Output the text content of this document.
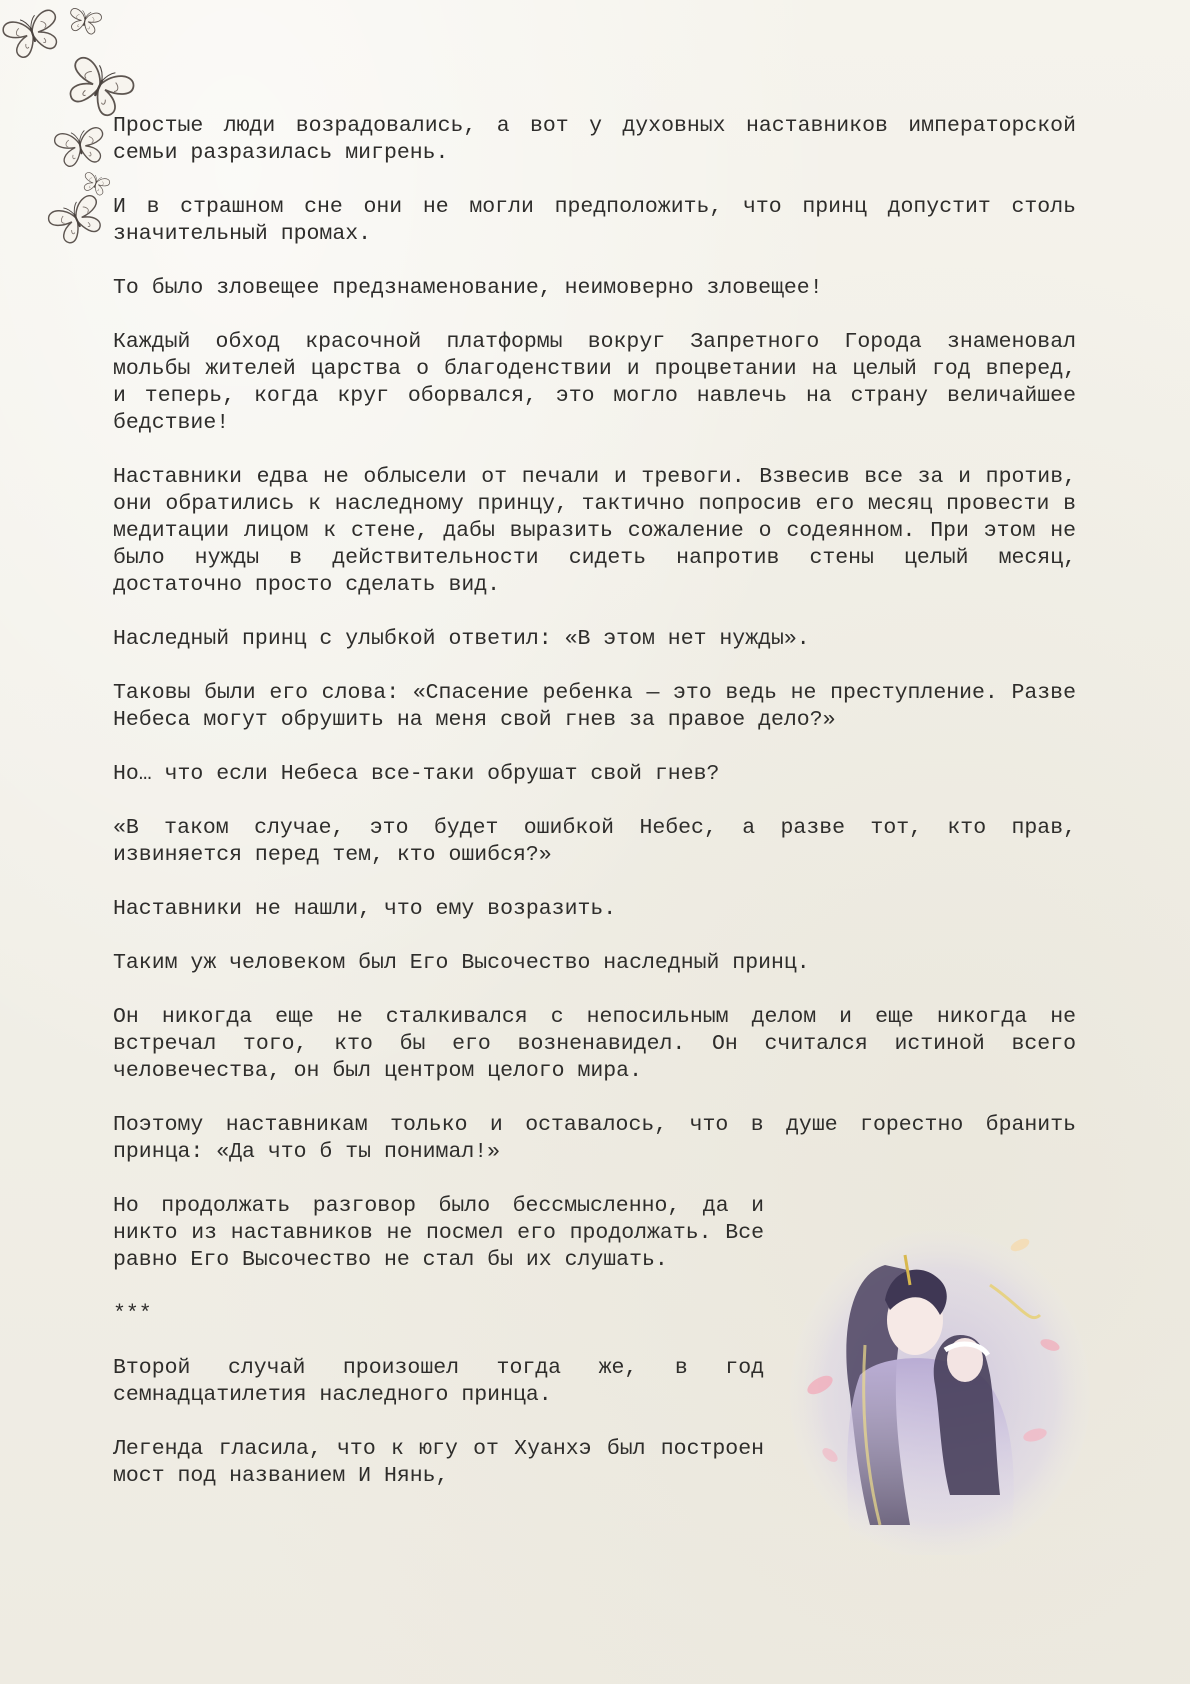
Простые люди возрадовались, а вот у духовных наставников императорской семьи разразилась мигрень.

И в страшном сне они не могли предположить, что принц допустит столь значительный промах.

То было зловещее предзнаменование, неимоверно зловещее!

Каждый обход красочной платформы вокруг Запретного Города знаменовал мольбы жителей царства о благоденствии и процветании на целый год вперед, и теперь, когда круг оборвался, это могло навлечь на страну величайшее бедствие!

Наставники едва не облысели от печали и тревоги. Взвесив все за и против, они обратились к наследному принцу, тактично попросив его месяц провести в медитации лицом к стене, дабы выразить сожаление о содеянном. При этом не было нужды в действительности сидеть напротив стены целый месяц, достаточно просто сделать вид.

Наследный принц с улыбкой ответил: «В этом нет нужды».

Таковы были его слова: «Спасение ребенка — это ведь не преступление. Разве Небеса могут обрушить на меня свой гнев за правое дело?»

Но… что если Небеса все-таки обрушат свой гнев?

«В таком случае, это будет ошибкой Небес, а разве тот, кто прав, извиняется перед тем, кто ошибся?»

Наставники не нашли, что ему возразить.

Таким уж человеком был Его Высочество наследный принц.

Он никогда еще не сталкивался с непосильным делом и еще никогда не встречал того, кто бы его возненавидел. Он считался истиной всего человечества, он был центром целого мира.

Поэтому наставникам только и оставалось, что в душе горестно бранить принца: «Да что б ты понимал!»

Но продолжать разговор было бессмысленно, да и никто из наставников не посмел его продолжать. Все равно Его Высочество не стал бы их слушать.

***

Второй случай произошел тогда же, в год семнадцатилетия наследного принца.

Легенда гласила, что к югу от Хуанхэ был построен мост под названием И Нянь,
